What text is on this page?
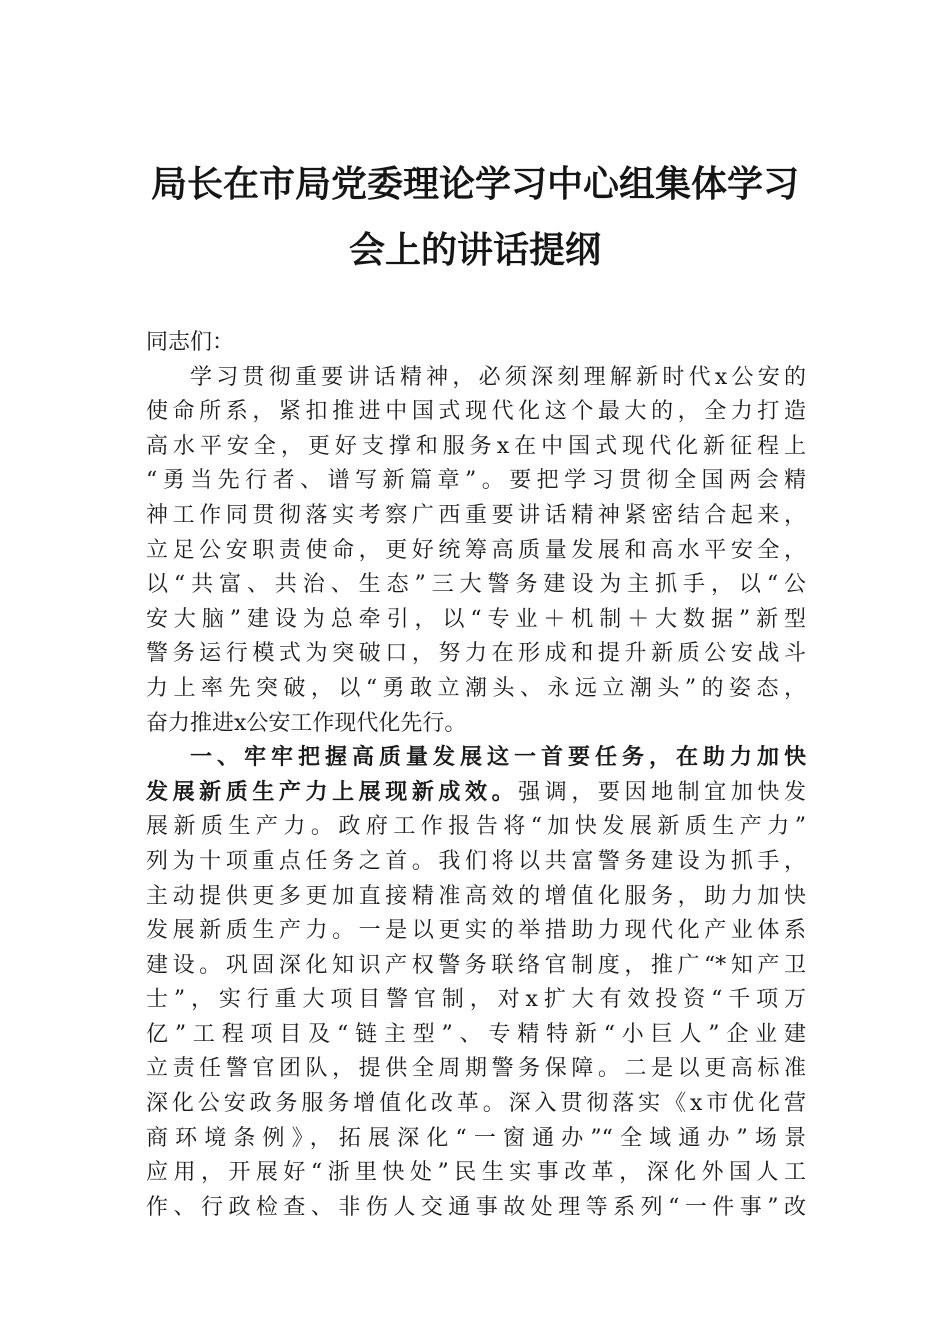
局长在市局党委理论学习中心组集体学习
会上的讲话提纲
同志们：
学习贯彻重要讲话精神，必须深刻理解新时代x公安的
使命所系，紧扣推进中国式现代化这个最大的，全力打造
高水平安全，更好支撑和服务x在中国式现代化新征程上
“勇当先行者、谱写新篇章”。要把学习贯彻全国两会精
神工作同贯彻落实考察广西重要讲话精神紧密结合起来，
立足公安职责使命，更好统筹高质量发展和高水平安全，
以“共富、共治、生态”三大警务建设为主抓手，以“公
安大脑”建设为总牵引，以“专业＋机制＋大数据”新型
警务运行模式为突破口，努力在形成和提升新质公安战斗
力上率先突破，以“勇敢立潮头、永远立潮头”的姿态，
奋力推进x公安工作现代化先行。
一、牢牢把握高质量发展这一首要任务，在助力加快
发展新质生产力上展现新成效。强调，要因地制宜加快发
展新质生产力。政府工作报告将“加快发展新质生产力”
列为十项重点任务之首。我们将以共富警务建设为抓手，
主动提供更多更加直接精准高效的增值化服务，助力加快
发展新质生产力。一是以更实的举措助力现代化产业体系
建设。巩固深化知识产权警务联络官制度，推广“*知产卫
士”，实行重大项目警官制，对x扩大有效投资“千项万
亿”工程项目及“链主型”、专精特新“小巨人”企业建
立责任警官团队，提供全周期警务保障。二是以更高标准
深化公安政务服务增值化改革。深入贯彻落实《x市优化营
商环境条例》，拓展深化“一窗通办”“全域通办”场景
应用，开展好“浙里快处”民生实事改革，深化外国人工
作、行政检查、非伤人交通事故处理等系列“一件事”改
